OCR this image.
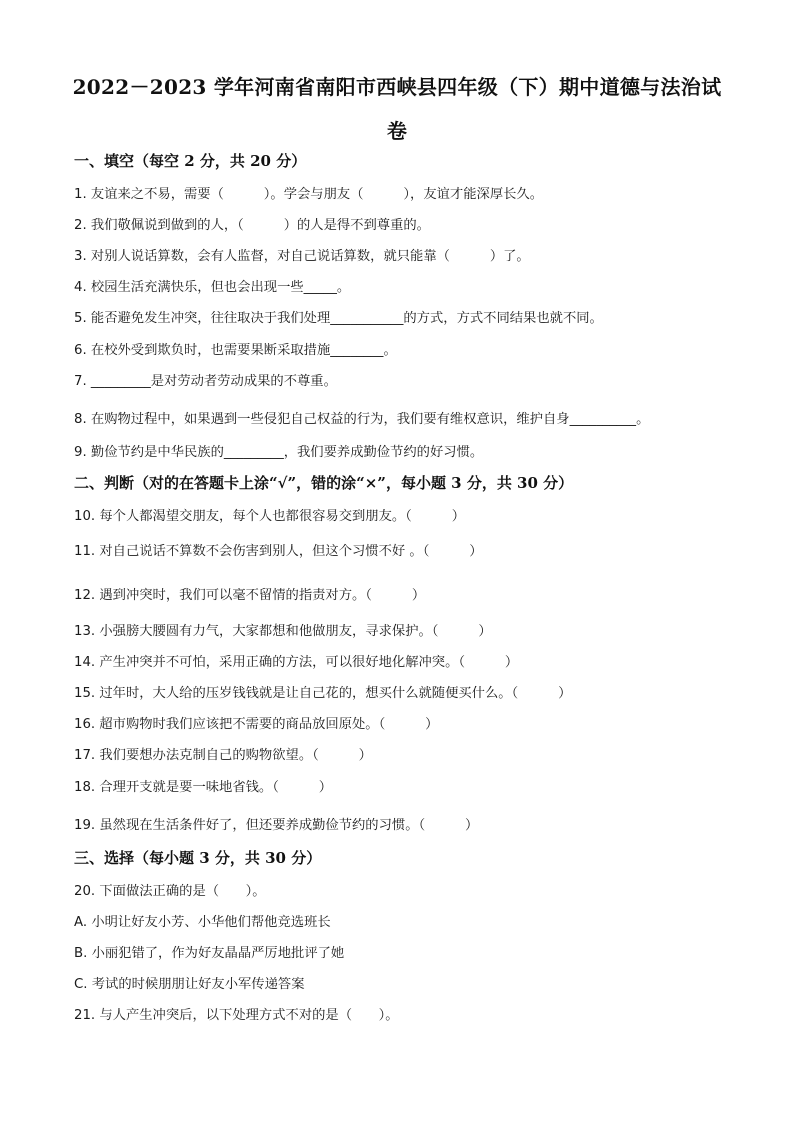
2022－2023 学年河南省南阳市西峡县四年级（下）期中道德与法治试
卷
一、填空（每空 2 分，共 20 分）
1. 友谊来之不易，需要（　　　）。学会与朋友（　　　），友谊才能深厚长久。
2. 我们敬佩说到做到的人，（　　　）的人是得不到尊重的。
3. 对别人说话算数，会有人监督，对自己说话算数，就只能靠（　　　）了。
4. 校园生活充满快乐，但也会出现一些_____。
5. 能否避免发生冲突，往往取决于我们处理___________的方式，方式不同结果也就不同。
6. 在校外受到欺负时，也需要果断采取措施________。
7. _________是对劳动者劳动成果的不尊重。
8. 在购物过程中，如果遇到一些侵犯自己权益的行为，我们要有维权意识，维护自身__________。
9. 勤俭节约是中华民族的_________，我们要养成勤俭节约的好习惯。
二、判断（对的在答题卡上涂“√”，错的涂“×”，每小题 3 分，共 30 分）
10. 每个人都渴望交朋友，每个人也都很容易交到朋友。（　　　）
11. 对自己说话不算数不会伤害到别人，但这个习惯不好 。（　　　）
12. 遇到冲突时，我们可以毫不留情的指责对方。（　　　）
13. 小强膀大腰圆有力气，大家都想和他做朋友，寻求保护。（　　　）
14. 产生冲突并不可怕，采用正确的方法，可以很好地化解冲突。（　　　）
15. 过年时，大人给的压岁钱钱就是让自己花的，想买什么就随便买什么。（　　　）
16. 超市购物时我们应该把不需要的商品放回原处。（　　　）
17. 我们要想办法克制自己的购物欲望。（　　　）
18. 合理开支就是要一味地省钱。（　　　）
19. 虽然现在生活条件好了，但还要养成勤俭节约的习惯。（　　　）
三、选择（每小题 3 分，共 30 分）
20. 下面做法正确的是（　　）。
A. 小明让好友小芳、小华他们帮他竞选班长
B. 小丽犯错了，作为好友晶晶严厉地批评了她
C. 考试的时候朋朋让好友小军传递答案
21. 与人产生冲突后，以下处理方式不对的是（　　）。
